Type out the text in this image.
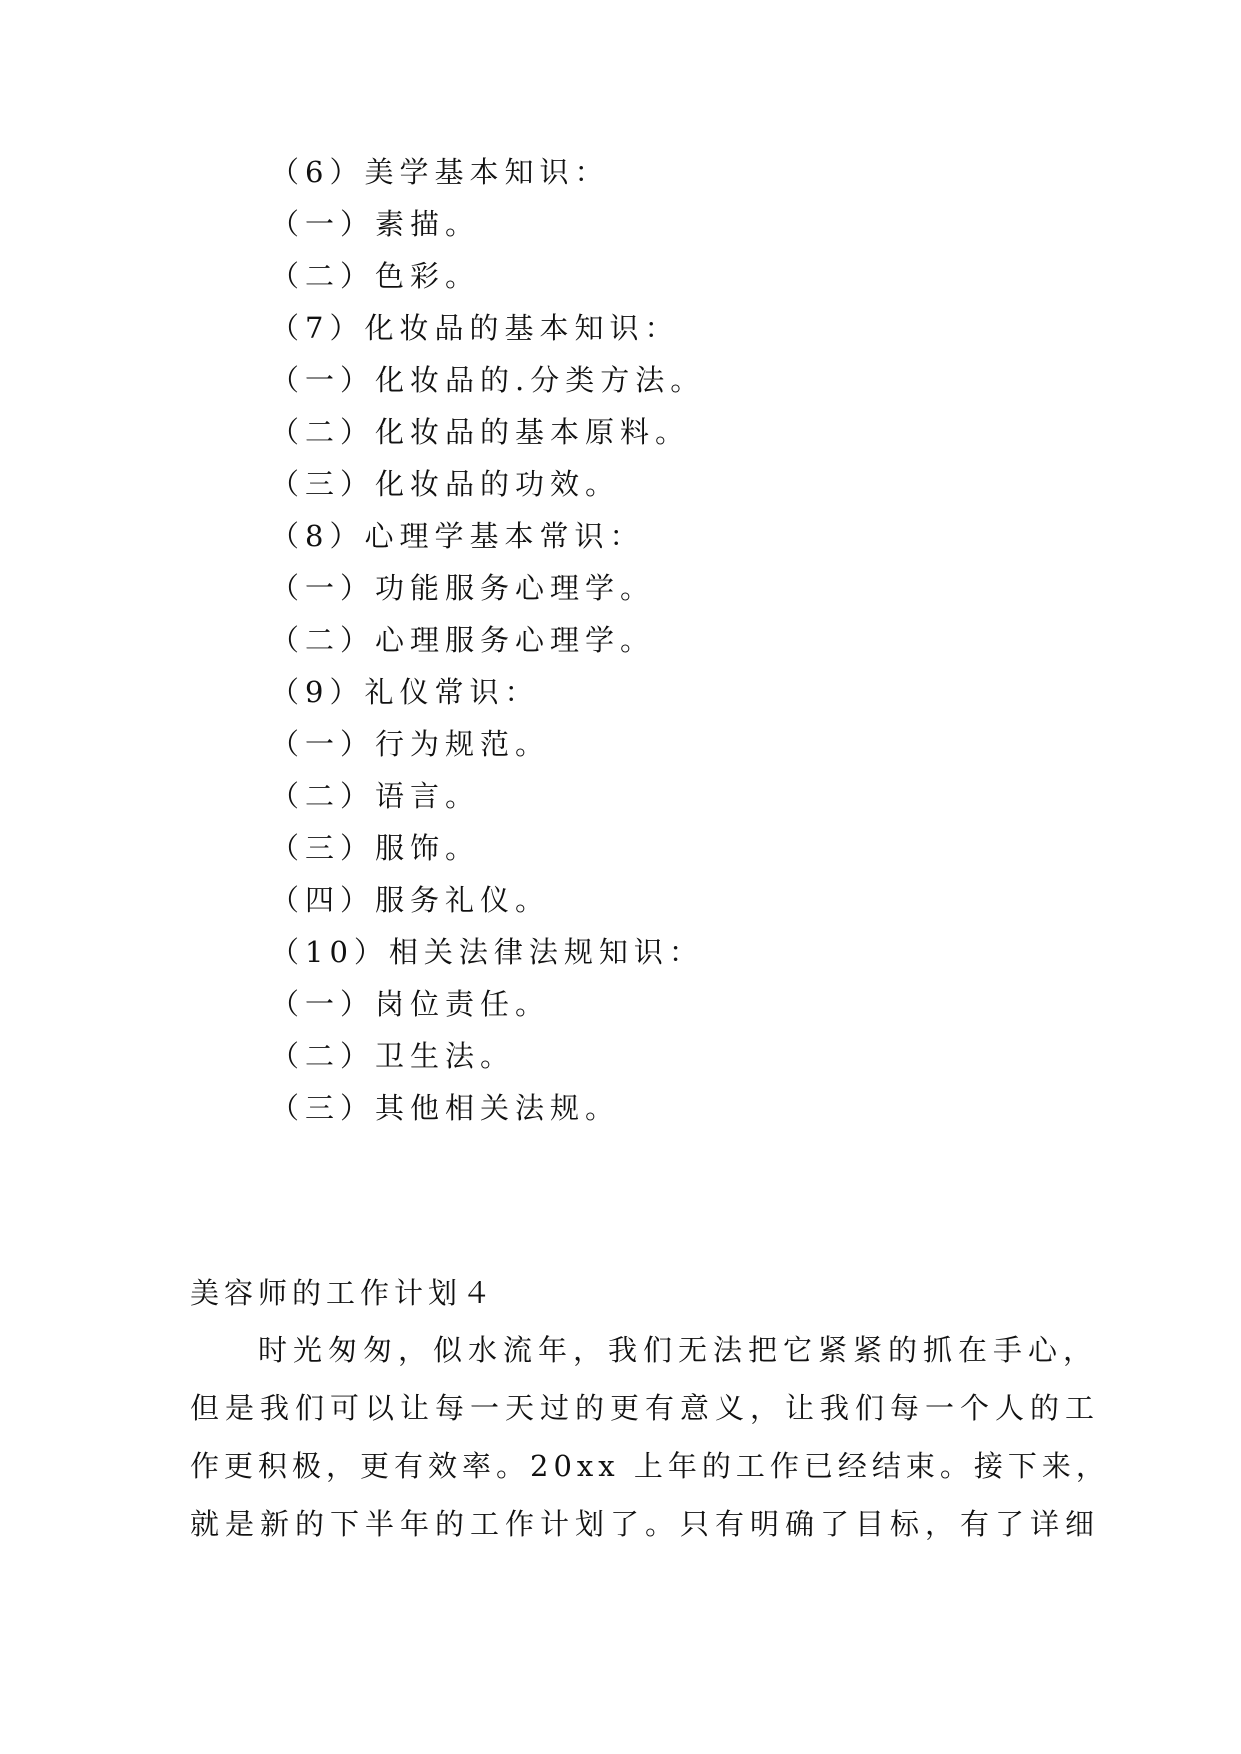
（6）美学基本知识：
（一）素描。
（二）色彩。
（7）化妆品的基本知识：
（一）化妆品的.分类方法。
（二）化妆品的基本原料。
（三）化妆品的功效。
（8）心理学基本常识：
（一）功能服务心理学。
（二）心理服务心理学。
（9）礼仪常识：
（一）行为规范。
（二）语言。
（三）服饰。
（四）服务礼仪。
（10）相关法律法规知识：
（一）岗位责任。
（二）卫生法。
（三）其他相关法规。
美容师的工作计划４
时光匆匆，似水流年，我们无法把它紧紧的抓在手心，
但是我们可以让每一天过的更有意义，让我们每一个人的工
作更积极，更有效率。20xx 上年的工作已经结束。接下来，
就是新的下半年的工作计划了。只有明确了目标，有了详细
